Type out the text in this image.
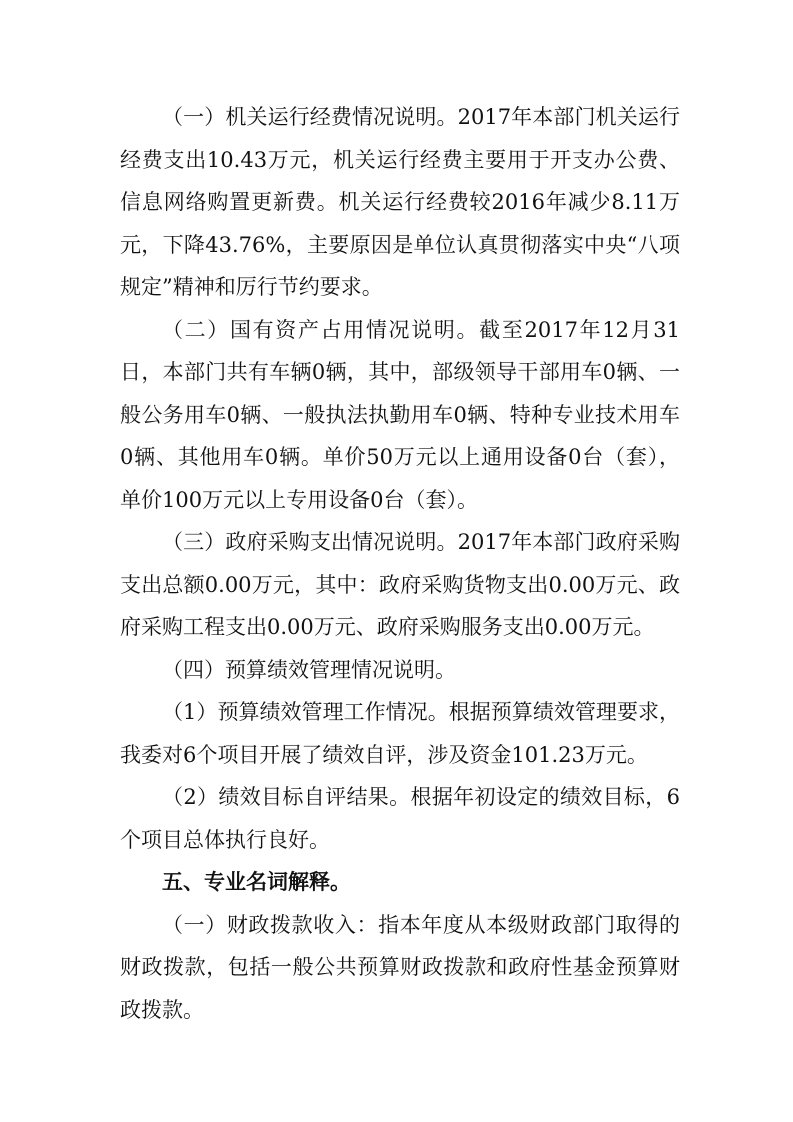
（一）机关运行经费情况说明。2017年本部门机关运行经费支出10.43万元，机关运行经费主要用于开支办公费、信息网络购置更新费。机关运行经费较2016年减少8.11万元，下降43.76%，主要原因是单位认真贯彻落实中央“八项规定”精神和厉行节约要求。

（二）国有资产占用情况说明。截至2017年12月31日，本部门共有车辆0辆，其中，部级领导干部用车0辆、一般公务用车0辆、一般执法执勤用车0辆、特种专业技术用车0辆、其他用车0辆。单价50万元以上通用设备0台（套），单价100万元以上专用设备0台（套）。

（三）政府采购支出情况说明。2017年本部门政府采购支出总额0.00万元，其中：政府采购货物支出0.00万元、政府采购工程支出0.00万元、政府采购服务支出0.00万元。

（四）预算绩效管理情况说明。

（1）预算绩效管理工作情况。根据预算绩效管理要求，我委对6个项目开展了绩效自评，涉及资金101.23万元。

（2）绩效目标自评结果。根据年初设定的绩效目标，6个项目总体执行良好。

五、专业名词解释。

（一）财政拨款收入：指本年度从本级财政部门取得的财政拨款，包括一般公共预算财政拨款和政府性基金预算财政拨款。
